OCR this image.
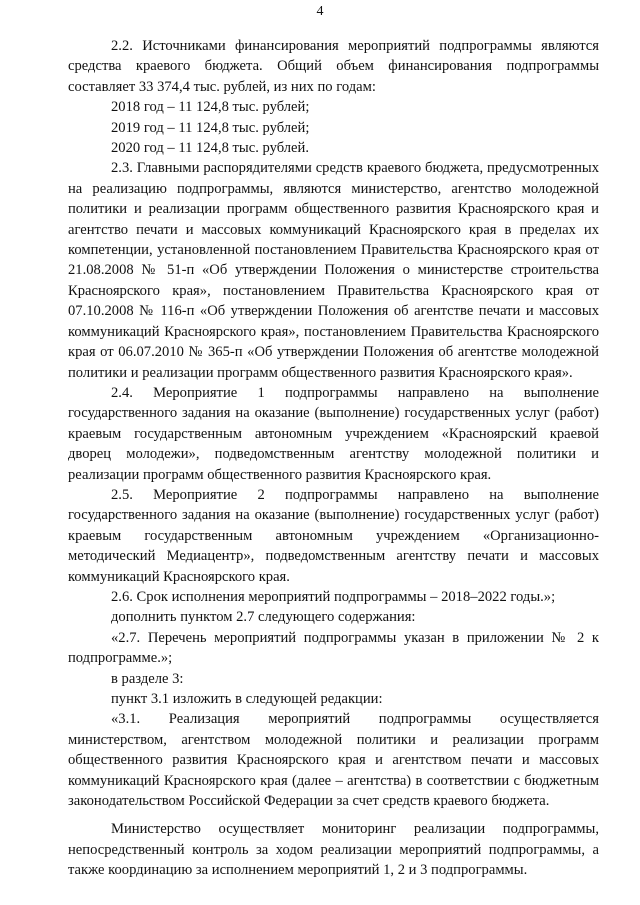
4

2.2. Источниками финансирования мероприятий подпрограммы являются средства краевого бюджета. Общий объем финансирования подпрограммы составляет 33 374,4 тыс. рублей, из них по годам:

2018 год – 11 124,8 тыс. рублей;

2019 год – 11 124,8 тыс. рублей;

2020 год – 11 124,8 тыс. рублей.

2.3. Главными распорядителями средств краевого бюджета, предусмотренных на реализацию подпрограммы, являются министерство, агентство молодежной политики и реализации программ общественного развития Красноярского края и агентство печати и массовых коммуникаций Красноярского края в пределах их компетенции, установленной постановлением Правительства Красноярского края от 21.08.2008 № 51-п «Об утверждении Положения о министерстве строительства Красноярского края», постановлением Правительства Красноярского края от 07.10.2008 № 116-п «Об утверждении Положения об агентстве печати и массовых коммуникаций Красноярского края», постановлением Правительства Красноярского края от 06.07.2010 № 365-п «Об утверждении Положения об агентстве молодежной политики и реализации программ общественного развития Красноярского края».

2.4. Мероприятие 1 подпрограммы направлено на выполнение государственного задания на оказание (выполнение) государственных услуг (работ) краевым государственным автономным учреждением «Красноярский краевой дворец молодежи», подведомственным агентству молодежной политики и реализации программ общественного развития Красноярского края.

2.5. Мероприятие 2 подпрограммы направлено на выполнение государственного задания на оказание (выполнение) государственных услуг (работ) краевым государственным автономным учреждением «Организационно-методический Медиацентр», подведомственным агентству печати и массовых коммуникаций Красноярского края.

2.6. Срок исполнения мероприятий подпрограммы – 2018–2022 годы.»;

дополнить пунктом 2.7 следующего содержания:

«2.7. Перечень мероприятий подпрограммы указан в приложении № 2 к подпрограмме.»;

в разделе 3:

пункт 3.1 изложить в следующей редакции:

«3.1. Реализация мероприятий подпрограммы осуществляется министерством, агентством молодежной политики и реализации программ общественного развития Красноярского края и агентством печати и массовых коммуникаций Красноярского края (далее – агентства) в соответствии с бюджетным законодательством Российской Федерации за счет средств краевого бюджета.

Министерство осуществляет мониторинг реализации подпрограммы, непосредственный контроль за ходом реализации мероприятий подпрограммы, а также координацию за исполнением мероприятий 1, 2 и 3 подпрограммы.
